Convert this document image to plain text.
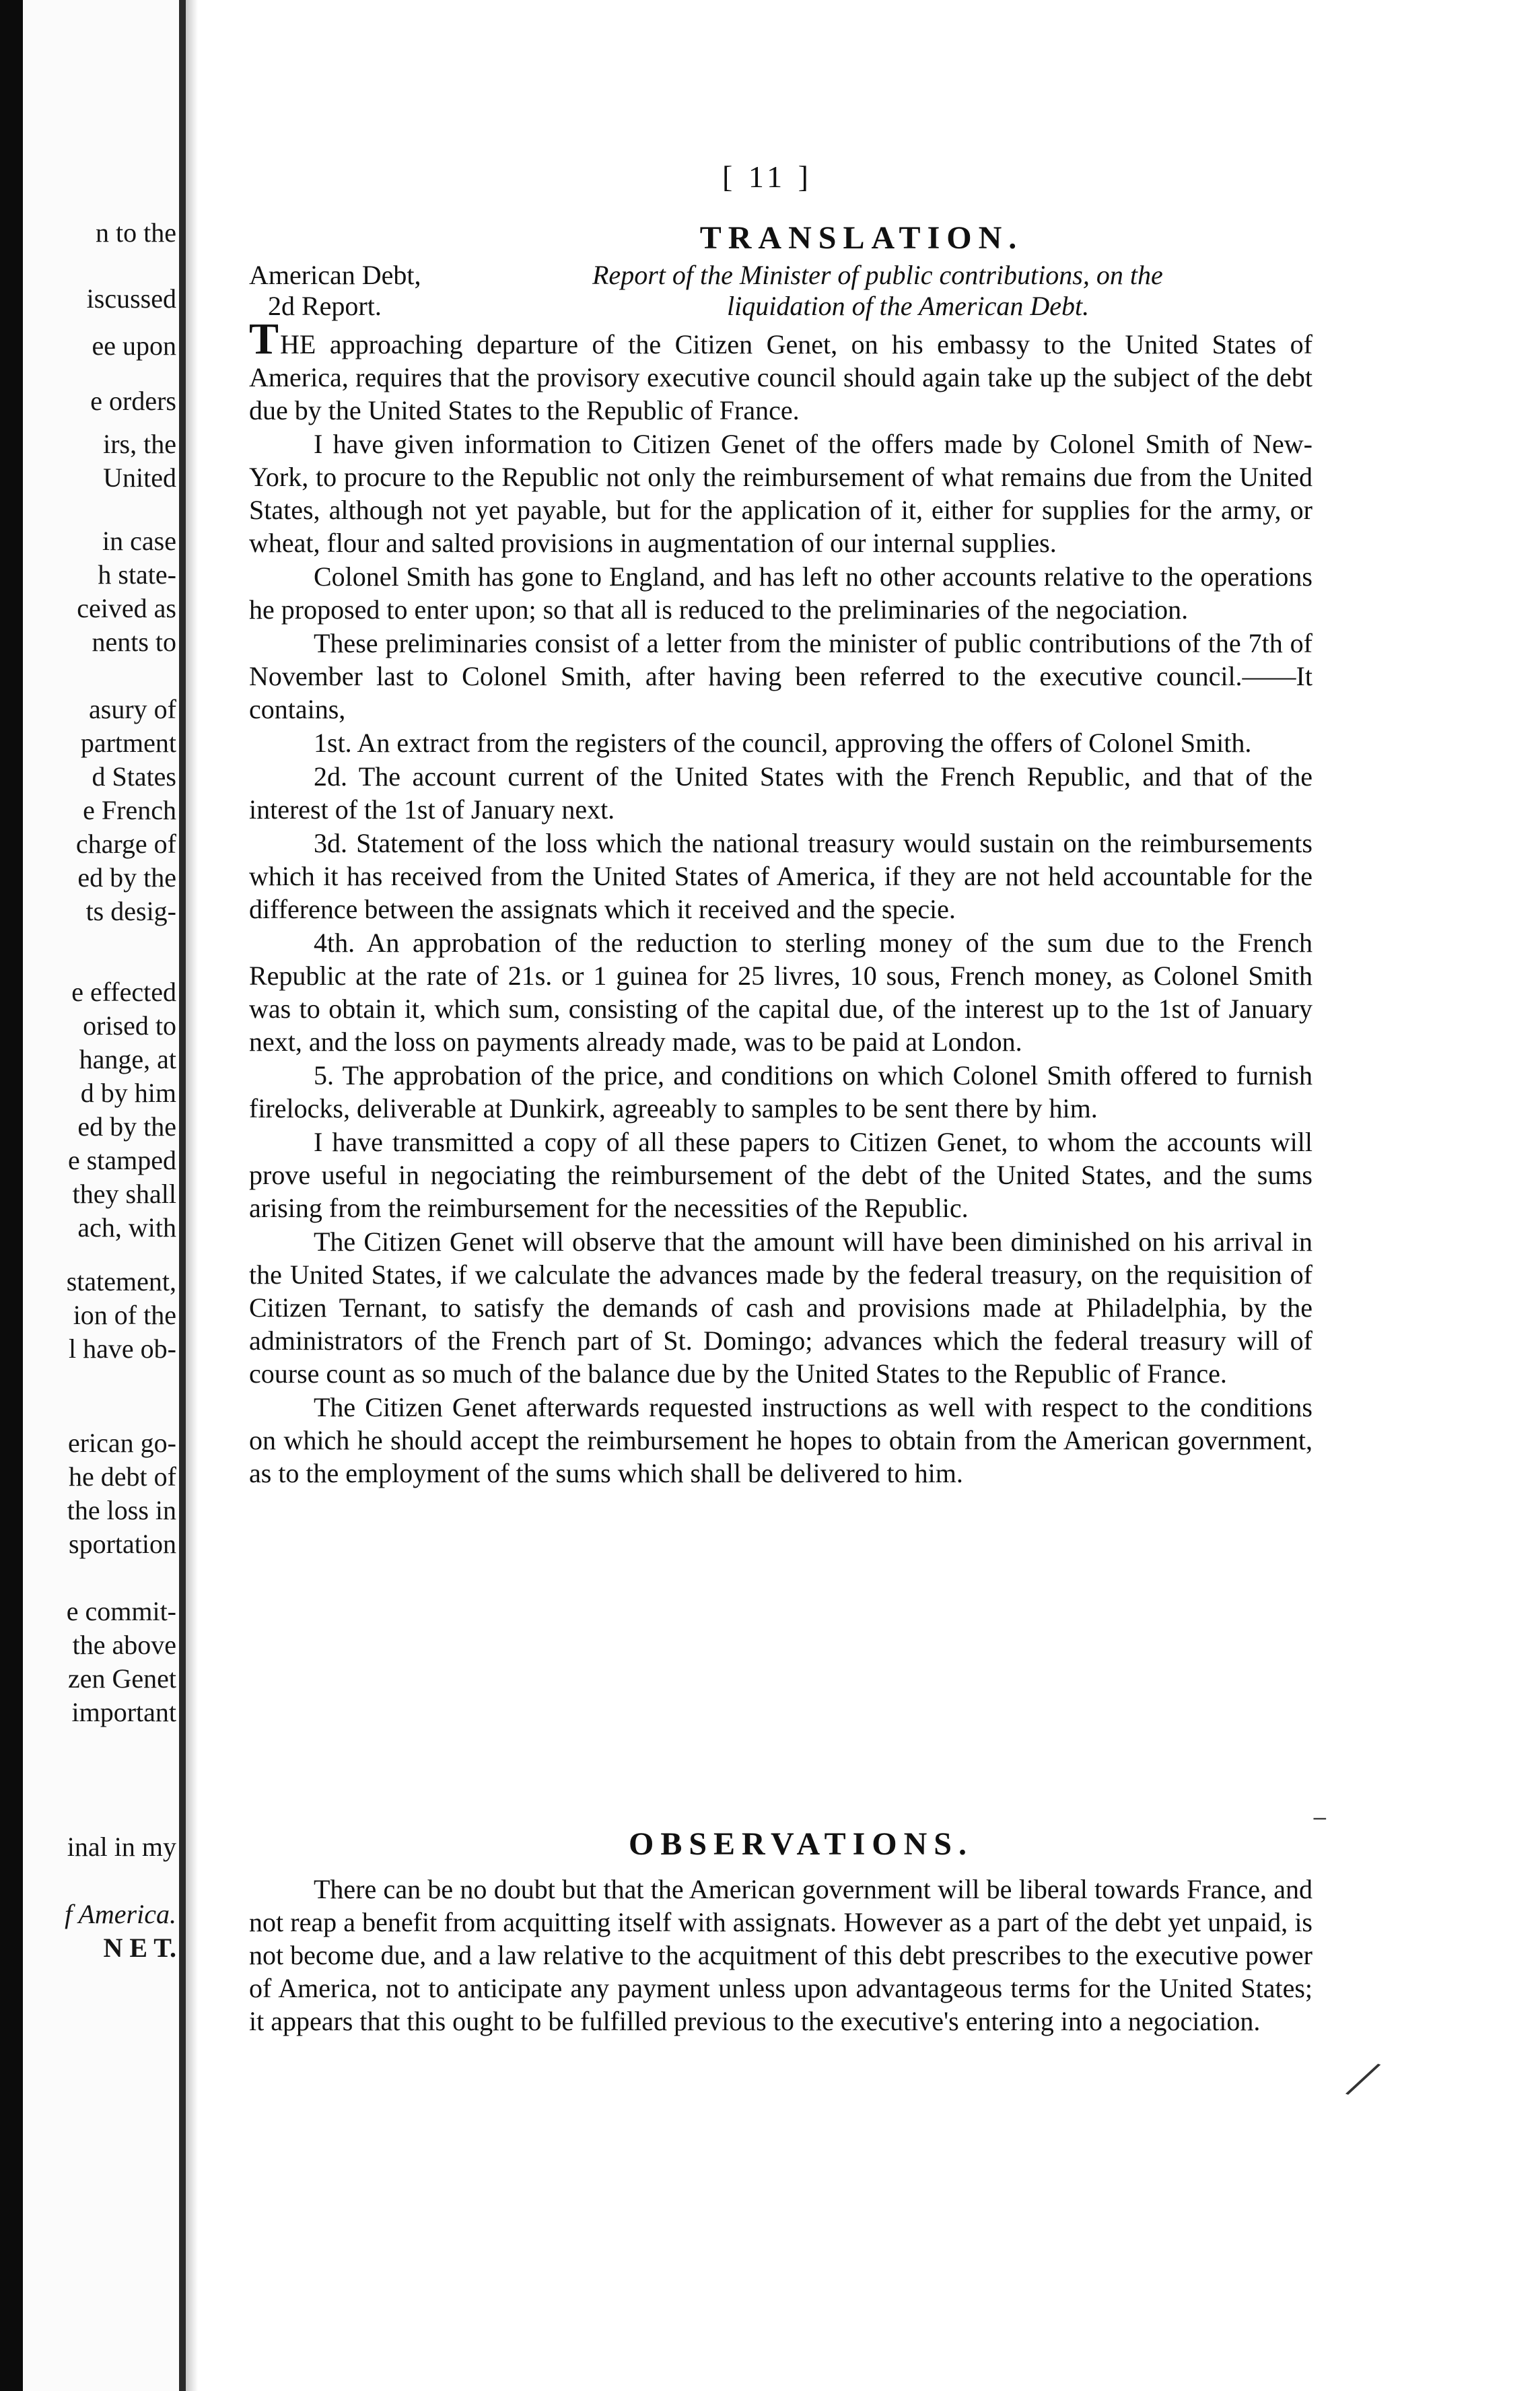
n to the
iscussed
ee upon
e orders
irs, the
United
in case
h state-
ceived as
nents to
asury of
partment
d States
e French
charge of
ed by the
ts desig-
e effected
orised to
hange, at
d by him
ed by the
e stamped
they shall
ach, with
statement,
ion of the
l have ob-
erican go-
he debt of
the loss in
sportation
e commit-
the above
zen Genet
important
inal in my
f America.
N E T.
[ 11 ]
TRANSLATION.
American Debt,
2d Report.
Report of the Minister of public contributions, on the
liquidation of the American Debt.

THE approaching departure of the Citizen Genet, on his embassy to the United States of America, requires that the provisory executive council should again take up the subject of the debt due by the United States to the Republic of France.

I have given information to Citizen Genet of the offers made by Colonel Smith of New-York, to procure to the Republic not only the reimbursement of what remains due from the United States, although not yet payable, but for the application of it, either for supplies for the army, or wheat, flour and salted provisions in augmentation of our internal supplies.

Colonel Smith has gone to England, and has left no other accounts relative to the operations he proposed to enter upon; so that all is reduced to the preliminaries of the negociation.

These preliminaries consist of a letter from the minister of public contributions of the 7th of November last to Colonel Smith, after having been referred to the executive council.——It contains,

1st. An extract from the registers of the council, approving the offers of Colonel Smith.

2d. The account current of the United States with the French Republic, and that of the interest of the 1st of January next.

3d. Statement of the loss which the national treasury would sustain on the reimbursements which it has received from the United States of America, if they are not held accountable for the difference between the assignats which it received and the specie.

4th. An approbation of the reduction to sterling money of the sum due to the French Republic at the rate of 21s. or 1 guinea for 25 livres, 10 sous, French money, as Colonel Smith was to obtain it, which sum, consisting of the capital due, of the interest up to the 1st of January next, and the loss on payments already made, was to be paid at London.

5. The approbation of the price, and conditions on which Colonel Smith offered to furnish firelocks, deliverable at Dunkirk, agreeably to samples to be sent there by him.

I have transmitted a copy of all these papers to Citizen Genet, to whom the accounts will prove useful in negociating the reimbursement of the debt of the United States, and the sums arising from the reimbursement for the necessities of the Republic.

The Citizen Genet will observe that the amount will have been diminished on his arrival in the United States, if we calculate the advances made by the federal treasury, on the requisition of Citizen Ternant, to satisfy the demands of cash and provisions made at Philadelphia, by the administrators of the French part of St. Domingo; advances which the federal treasury will of course count as so much of the balance due by the United States to the Republic of France.

The Citizen Genet afterwards requested instructions as well with respect to the conditions on which he should accept the reimbursement he hopes to obtain from the American government, as to the employment of the sums which shall be delivered to him.

OBSERVATIONS.

There can be no doubt but that the American government will be liberal towards France, and not reap a benefit from acquitting itself with assignats. However as a part of the debt yet unpaid, is not become due, and a law relative to the acquitment of this debt prescribes to the executive power of America, not to anticipate any payment unless upon advantageous terms for the United States; it appears that this ought to be fulfilled previous to the executive's entering into a negociation.

‒
╱
